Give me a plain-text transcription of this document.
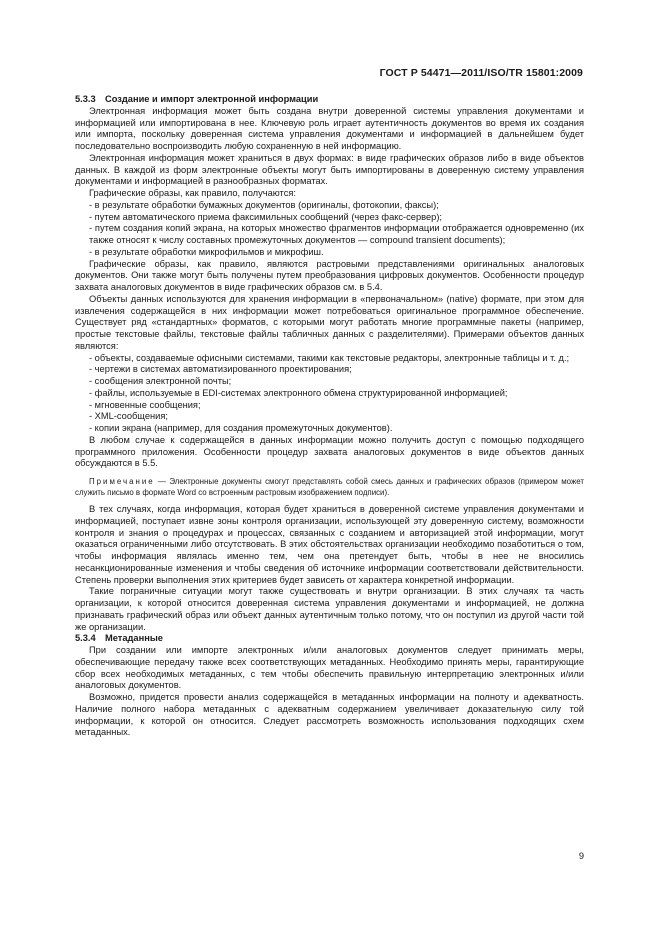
ГОСТ Р 54471—2011/ISO/TR 15801:2009

5.3.3 Создание и импорт электронной информации

Электронная информация может быть создана внутри доверенной системы управления документами и информацией или импортирована в нее. Ключевую роль играет аутентичность документов во время их создания или импорта, поскольку доверенная система управления документами и информацией в дальнейшем будет последовательно воспроизводить любую сохраненную в ней информацию.

Электронная информация может храниться в двух формах: в виде графических образов либо в виде объектов данных. В каждой из форм электронные объекты могут быть импортированы в доверенную систему управления документами и информацией в разнообразных форматах.

Графические образы, как правило, получаются:

- в результате обработки бумажных документов (оригиналы, фотокопии, факсы);

- путем автоматического приема факсимильных сообщений (через факс-сервер);

- путем создания копий экрана, на которых множество фрагментов информации отображается одновременно (их также относят к числу составных промежуточных документов — compound transient documents);

- в результате обработки микрофильмов и микрофиш.

Графические образы, как правило, являются растровыми представлениями оригинальных аналоговых документов. Они также могут быть получены путем преобразования цифровых документов. Особенности процедур захвата аналоговых документов в виде графических образов см. в 5.4.

Объекты данных используются для хранения информации в «первоначальном» (native) формате, при этом для извлечения содержащейся в них информации может потребоваться оригинальное программное обеспечение. Существует ряд «стандартных» форматов, с которыми могут работать многие программные пакеты (например, простые текстовые файлы, текстовые файлы табличных данных с разделителями). Примерами объектов данных являются:

- объекты, создаваемые офисными системами, такими как текстовые редакторы, электронные таблицы и т. д.;

- чертежи в системах автоматизированного проектирования;

- сообщения электронной почты;

- файлы, используемые в EDI-системах электронного обмена структурированной информацией;

- мгновенные сообщения;

- XML-сообщения;

- копии экрана (например, для создания промежуточных документов).

В любом случае к содержащейся в данных информации можно получить доступ с помощью подходящего программного приложения. Особенности процедур захвата аналоговых документов в виде объектов данных обсуждаются в 5.5.

Примечание — Электронные документы смогут представлять собой смесь данных и графических образов (примером может служить письмо в формате Word со встроенным растровым изображением подписи).

В тех случаях, когда информация, которая будет храниться в доверенной системе управления документами и информацией, поступает извне зоны контроля организации, использующей эту доверенную систему, возможности контроля и знания о процедурах и процессах, связанных с созданием и авторизацией этой информации, могут оказаться ограниченными либо отсутствовать. В этих обстоятельствах организации необходимо позаботиться о том, чтобы информация являлась именно тем, чем она претендует быть, чтобы в нее не вносились несанкционированные изменения и чтобы сведения об источнике информации соответствовали действительности. Степень проверки выполнения этих критериев будет зависеть от характера конкретной информации.

Такие пограничные ситуации могут также существовать и внутри организации. В этих случаях та часть организации, к которой относится доверенная система управления документами и информацией, не должна признавать графический образ или объект данных аутентичным только потому, что он поступил из другой части той же организации.

5.3.4 Метаданные

При создании или импорте электронных и/или аналоговых документов следует принимать меры, обеспечивающие передачу также всех соответствующих метаданных. Необходимо принять меры, гарантирующие сбор всех необходимых метаданных, с тем чтобы обеспечить правильную интерпретацию электронных и/или аналоговых документов.

Возможно, придется провести анализ содержащейся в метаданных информации на полноту и адекватность. Наличие полного набора метаданных с адекватным содержанием увеличивает доказательную силу той информации, к которой он относится. Следует рассмотреть возможность использования подходящих схем метаданных.

9
